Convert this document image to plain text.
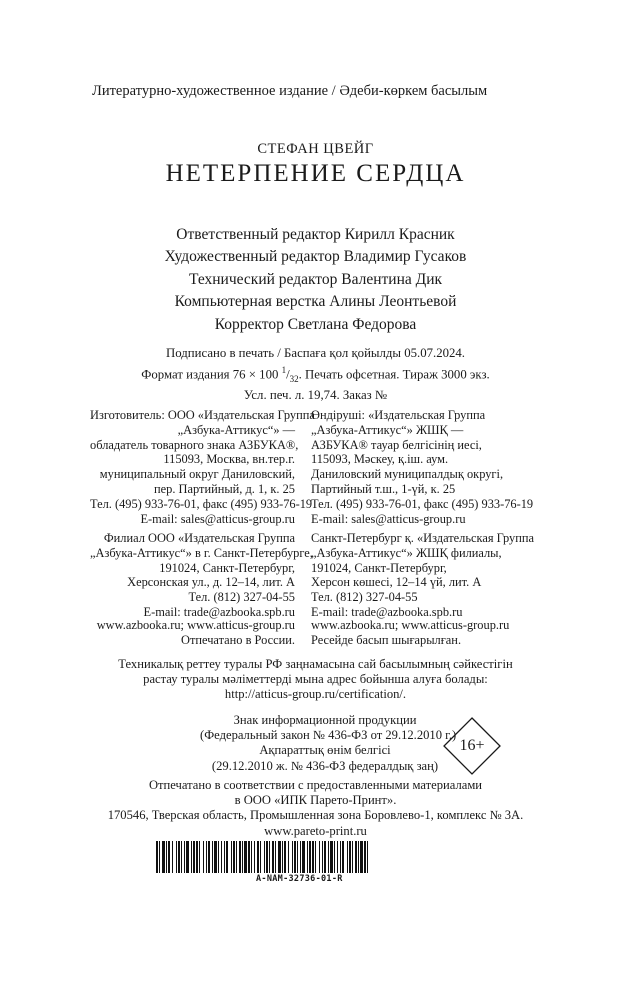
Литературно-художественное издание / Әдеби-көркем басылым
СТЕФАН ЦВЕЙГ
НЕТЕРПЕНИЕ СЕРДЦА
Ответственный редактор Кирилл Красник
Художественный редактор Владимир Гусаков
Технический редактор Валентина Дик
Компьютерная верстка Алины Леонтьевой
Корректор Светлана Федорова
Подписано в печать / Баспаға қол қойылды 05.07.2024.
Формат издания 76 × 100 $^1/_{32}$. Печать офсетная. Тираж 3000 экз.
Усл. печ. л. 19,74. Заказ №
Изготовитель: ООО «Издательская Группа
„Азбука-Аттикус“» —
обладатель товарного знака АЗБУКА®,
115093, Москва, вн.тер.г.
муниципальный округ Даниловский,
пер. Партийный, д. 1, к. 25
Тел. (495) 933-76-01, факс (495) 933-76-19
E-mail: sales@atticus-group.ru
Өндіруші: «Издательская Группа
„Азбука-Аттикус“» ЖШҚ —
АЗБУКА® тауар белгісінің иесі,
115093, Мәскеу, қ.іш. аум.
Даниловский муниципалдық округі,
Партийный т.ш., 1-үй, к. 25
Тел. (495) 933-76-01, факс (495) 933-76-19
E-mail: sales@atticus-group.ru
Филиал ООО «Издательская Группа
„Азбука-Аттикус“» в г. Санкт-Петербурге,
191024, Санкт-Петербург,
Херсонская ул., д. 12–14, лит. А
Тел. (812) 327-04-55
E-mail: trade@azbooka.spb.ru
Санкт-Петербург қ. «Издательская Группа
„Азбука-Аттикус“» ЖШҚ филиалы,
191024, Санкт-Петербург,
Херсон көшесі, 12–14 үй, лит. А
Тел. (812) 327-04-55
E-mail: trade@azbooka.spb.ru
www.azbooka.ru; www.atticus-group.ru
Отпечатано в России.
www.azbooka.ru; www.atticus-group.ru
Ресейде басып шығарылған.
Техникалық реттеу туралы РФ заңнамасына сай басылымның сәйкестігін
растау туралы мәліметтерді мына адрес бойынша алуға болады:
http://atticus-group.ru/certification/.
Знак информационной продукции
(Федеральный закон № 436-ФЗ от 29.12.2010 г.)
Ақпараттық өнім белгісі
(29.12.2010 ж. № 436-ФЗ федералдық заң)
16+
Отпечатано в соответствии с предоставленными материалами
в ООО «ИПК Парето-Принт».
170546, Тверская область, Промышленная зона Боровлево-1, комплекс № 3А.
www.pareto-print.ru
A-NAM-32736-01-R
